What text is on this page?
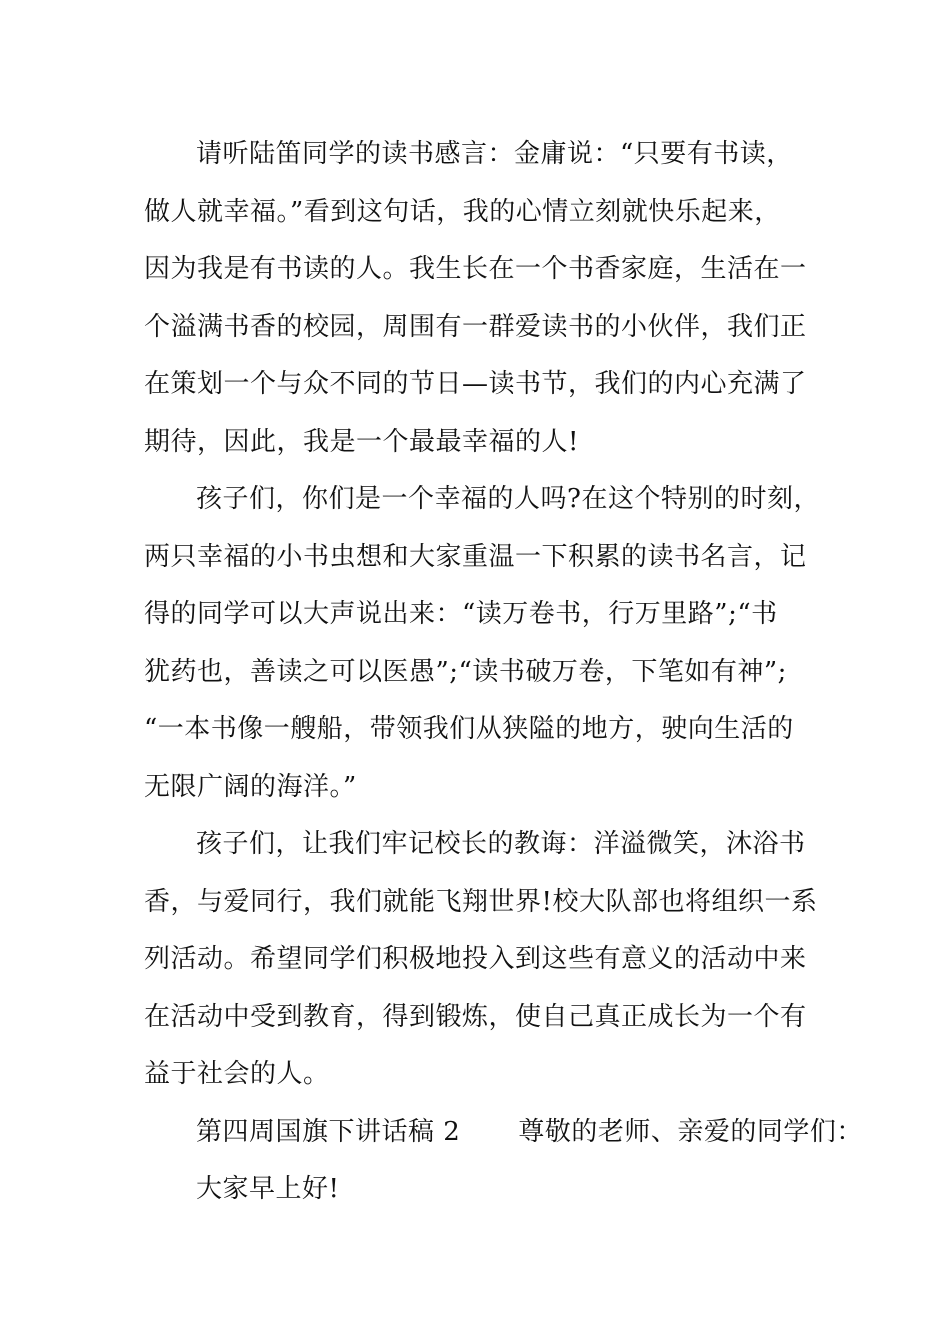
请听陆笛同学的读书感言：金庸说：“只要有书读，
做人就幸福。”看到这句话，我的心情立刻就快乐起来，
因为我是有书读的人。我生长在一个书香家庭，生活在一
个溢满书香的校园，周围有一群爱读书的小伙伴，我们正
在策划一个与众不同的节日—读书节，我们的内心充满了
期待，因此，我是一个最最幸福的人!
孩子们，你们是一个幸福的人吗?在这个特别的时刻，
两只幸福的小书虫想和大家重温一下积累的读书名言，记
得的同学可以大声说出来：“读万卷书，行万里路”;“书
犹药也，善读之可以医愚”;“读书破万卷，下笔如有神”;
“一本书像一艘船，带领我们从狭隘的地方，驶向生活的
无限广阔的海洋。”
孩子们，让我们牢记校长的教诲：洋溢微笑，沐浴书
香，与爱同行，我们就能飞翔世界!校大队部也将组织一系
列活动。希望同学们积极地投入到这些有意义的活动中来
在活动中受到教育，得到锻炼，使自己真正成长为一个有
益于社会的人。
第四周国旗下讲话稿 2 尊敬的老师、亲爱的同学们：
大家早上好!
